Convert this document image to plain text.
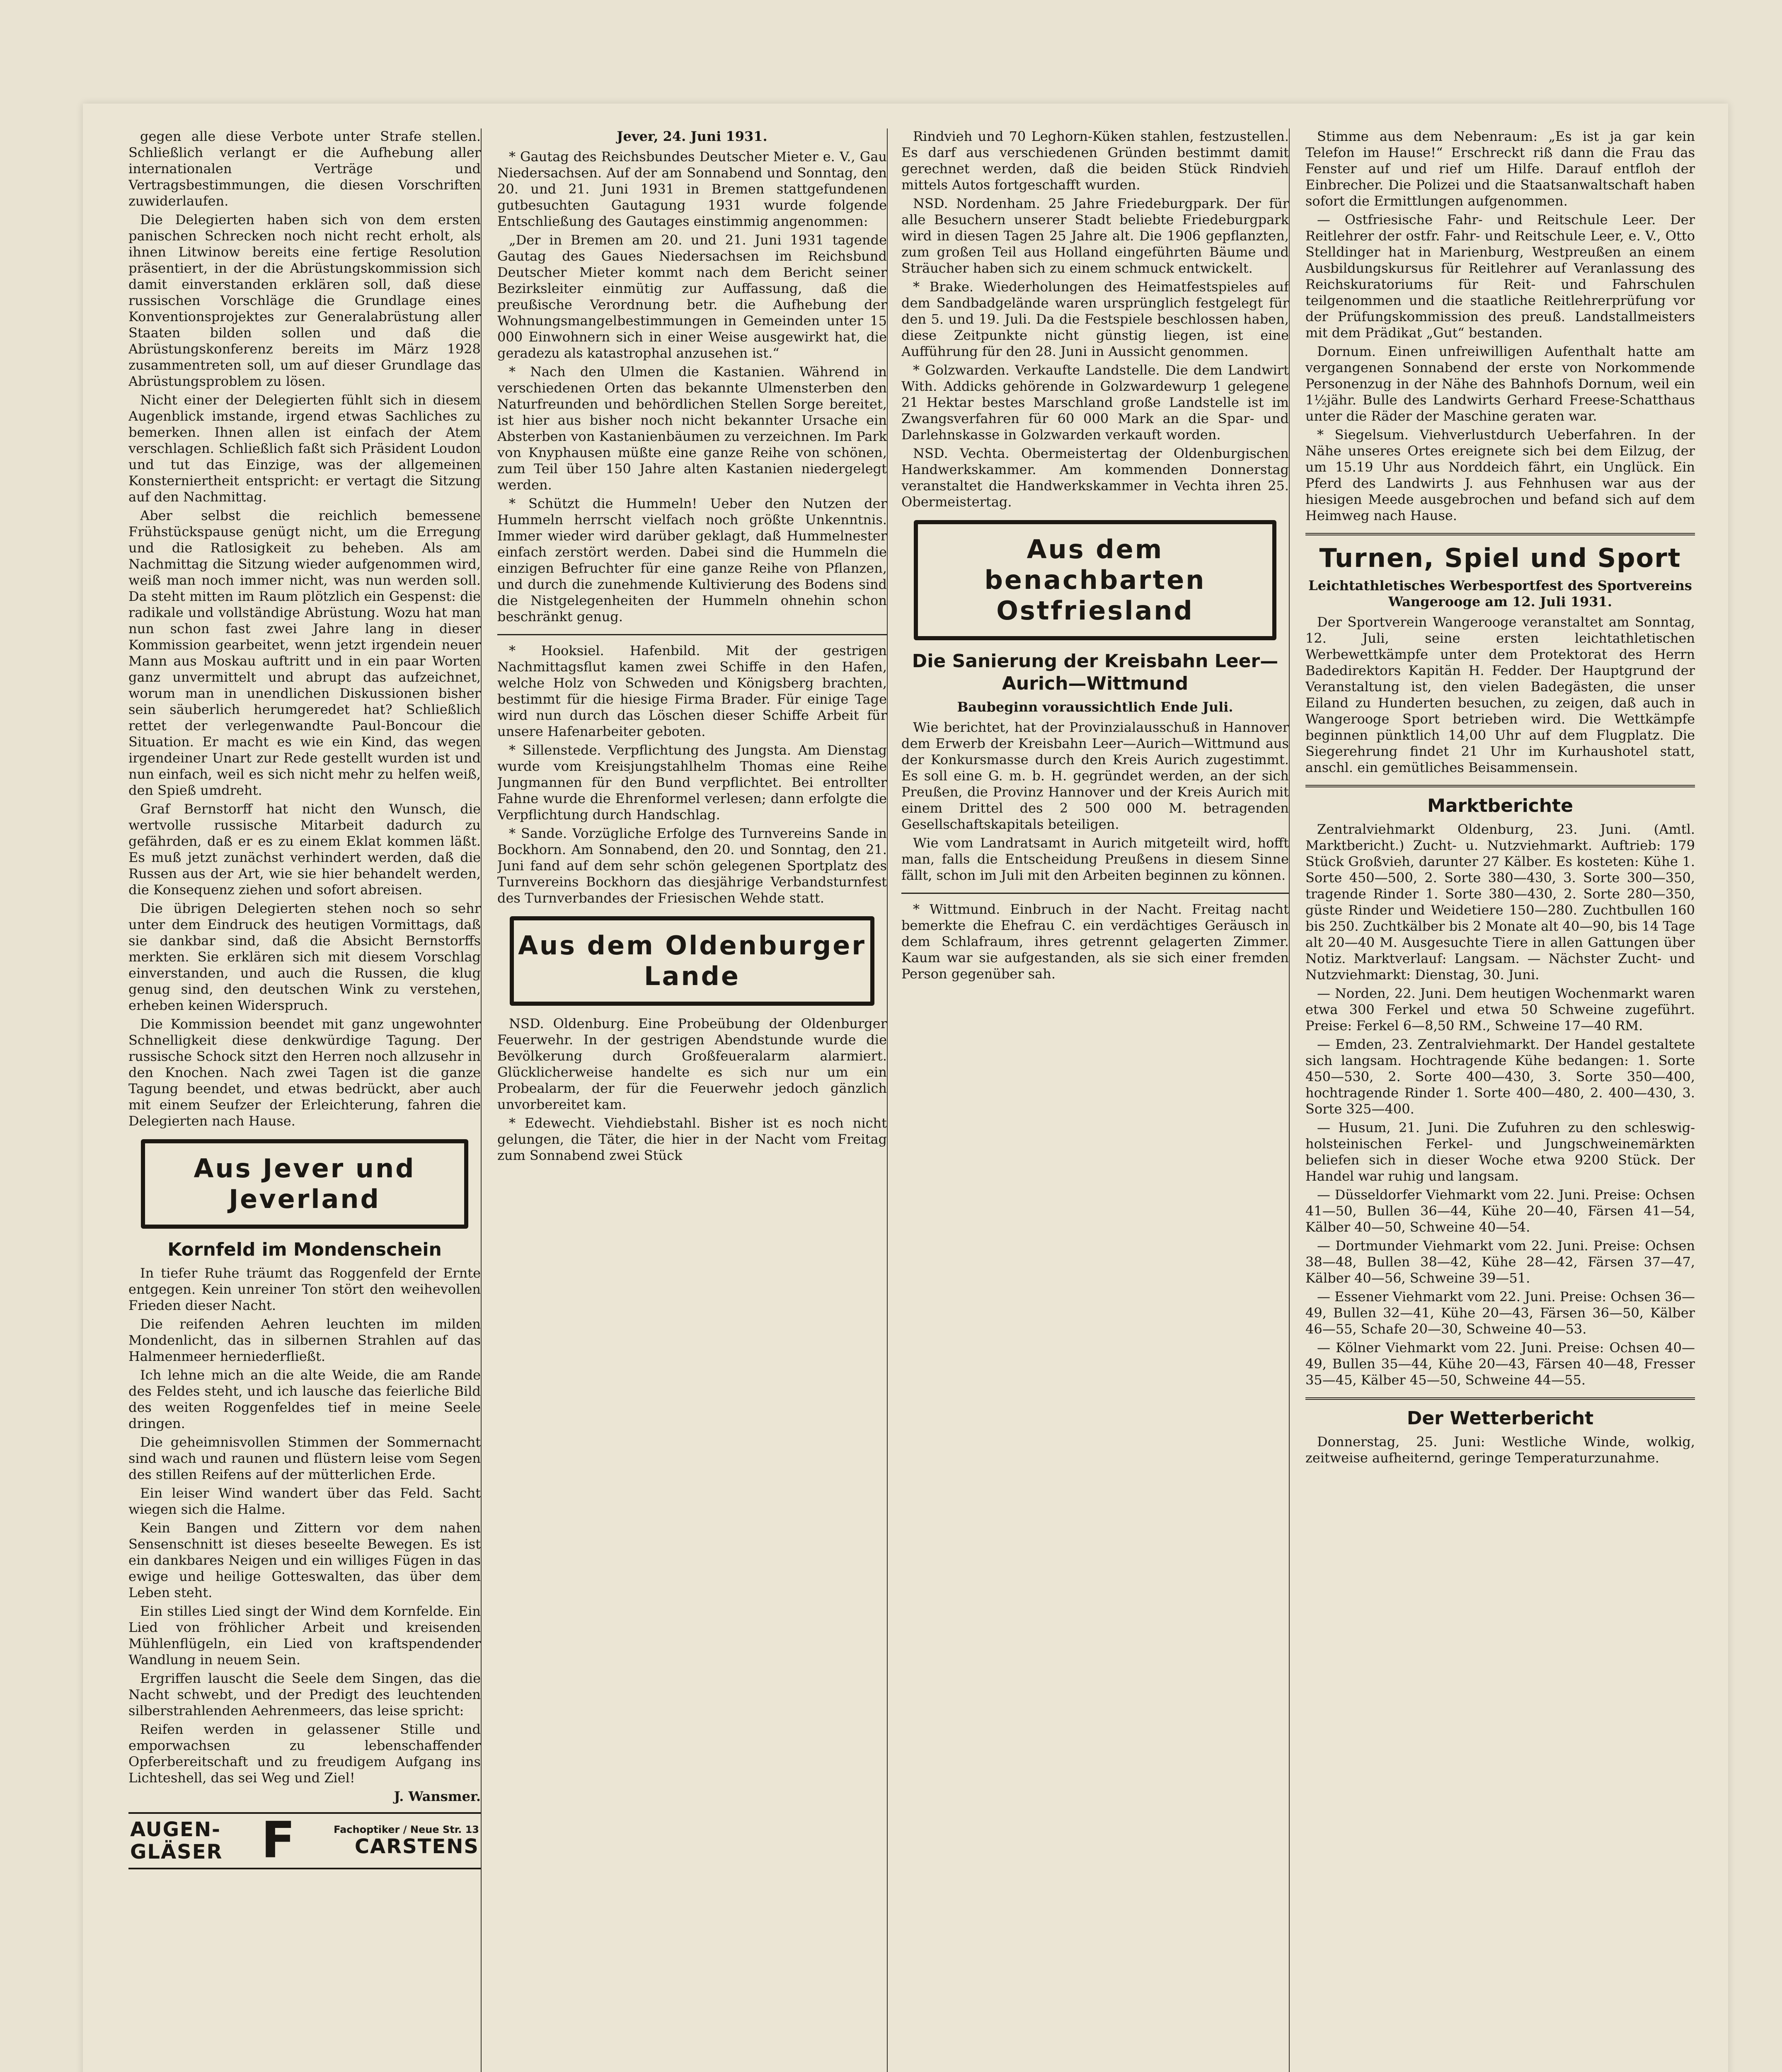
gegen alle diese Verbote unter Strafe stellen. Schließlich verlangt er die Aufhebung aller internationalen Verträge und Vertragsbestimmungen, die diesen Vorschriften zuwiderlaufen.

Die Delegierten haben sich von dem ersten panischen Schrecken noch nicht recht erholt, als ihnen Litwinow bereits eine fertige Resolution präsentiert, in der die Abrüstungskommission sich damit einverstanden erklären soll, daß diese russischen Vorschläge die Grundlage eines Konventionsprojektes zur Generalabrüstung aller Staaten bilden sollen und daß die Abrüstungskonferenz bereits im März 1928 zusammentreten soll, um auf dieser Grundlage das Abrüstungsproblem zu lösen.

Nicht einer der Delegierten fühlt sich in diesem Augenblick imstande, irgend etwas Sachliches zu bemerken. Ihnen allen ist einfach der Atem verschlagen. Schließlich faßt sich Präsident Loudon und tut das Einzige, was der allgemeinen Konsterniertheit entspricht: er vertagt die Sitzung auf den Nachmittag.

Aber selbst die reichlich bemessene Frühstückspause genügt nicht, um die Erregung und die Ratlosigkeit zu beheben. Als am Nachmittag die Sitzung wieder aufgenommen wird, weiß man noch immer nicht, was nun werden soll. Da steht mitten im Raum plötzlich ein Gespenst: die radikale und vollständige Abrüstung. Wozu hat man nun schon fast zwei Jahre lang in dieser Kommission gearbeitet, wenn jetzt irgendein neuer Mann aus Moskau auftritt und in ein paar Worten ganz unvermittelt und abrupt das aufzeichnet, worum man in unendlichen Diskussionen bisher sein säuberlich herumgeredet hat? Schließlich rettet der verlegenwandte Paul-Boncour die Situation. Er macht es wie ein Kind, das wegen irgendeiner Unart zur Rede gestellt wurden ist und nun einfach, weil es sich nicht mehr zu helfen weiß, den Spieß umdreht.

Graf Bernstorff hat nicht den Wunsch, die wertvolle russische Mitarbeit dadurch zu gefährden, daß er es zu einem Eklat kommen läßt. Es muß jetzt zunächst verhindert werden, daß die Russen aus der Art, wie sie hier behandelt werden, die Konsequenz ziehen und sofort abreisen.

Die übrigen Delegierten stehen noch so sehr unter dem Eindruck des heutigen Vormittags, daß sie dankbar sind, daß die Absicht Bernstorffs merkten. Sie erklären sich mit diesem Vorschlag einverstanden, und auch die Russen, die klug genug sind, den deutschen Wink zu verstehen, erheben keinen Widerspruch.

Die Kommission beendet mit ganz ungewohnter Schnelligkeit diese denkwürdige Tagung. Der russische Schock sitzt den Herren noch allzusehr in den Knochen. Nach zwei Tagen ist die ganze Tagung beendet, und etwas bedrückt, aber auch mit einem Seufzer der Erleichterung, fahren die Delegierten nach Hause.

Aus Jever und Jeverland
Kornfeld im Mondenschein

In tiefer Ruhe träumt das Roggenfeld der Ernte entgegen. Kein unreiner Ton stört den weihevollen Frieden dieser Nacht.

Die reifenden Aehren leuchten im milden Mondenlicht, das in silbernen Strahlen auf das Halmenmeer herniederfließt.

Ich lehne mich an die alte Weide, die am Rande des Feldes steht, und ich lausche das feierliche Bild des weiten Roggenfeldes tief in meine Seele dringen.

Die geheimnisvollen Stimmen der Sommernacht sind wach und raunen und flüstern leise vom Segen des stillen Reifens auf der mütterlichen Erde.

Ein leiser Wind wandert über das Feld. Sacht wiegen sich die Halme.

Kein Bangen und Zittern vor dem nahen Sensenschnitt ist dieses beseelte Bewegen. Es ist ein dankbares Neigen und ein williges Fügen in das ewige und heilige Gotteswalten, das über dem Leben steht.

Ein stilles Lied singt der Wind dem Kornfelde. Ein Lied von fröhlicher Arbeit und kreisenden Mühlenflügeln, ein Lied von kraftspendender Wandlung in neuem Sein.

Ergriffen lauscht die Seele dem Singen, das die Nacht schwebt, und der Predigt des leuchtenden silberstrahlenden Aehrenmeers, das leise spricht:

Reifen werden in gelassener Stille und emporwachsen zu lebenschaffender Opferbereitschaft und zu freudigem Aufgang ins Lichteshell, das sei Weg und Ziel!

J. Wansmer.
AUGEN-
GLÄSER F	Fachoptiker / Neue Str. 13
CARSTENS

Jever, 24. Juni 1931.

* Gautag des Reichsbundes Deutscher Mieter e. V., Gau Niedersachsen. Auf der am Sonnabend und Sonntag, den 20. und 21. Juni 1931 in Bremen stattgefundenen gutbesuchten Gautagung 1931 wurde folgende Entschließung des Gautages einstimmig angenommen:

„Der in Bremen am 20. und 21. Juni 1931 tagende Gautag des Gaues Niedersachsen im Reichsbund Deutscher Mieter kommt nach dem Bericht seiner Bezirksleiter einmütig zur Auffassung, daß die preußische Verordnung betr. die Aufhebung der Wohnungsmangelbestimmungen in Gemeinden unter 15 000 Einwohnern sich in einer Weise ausgewirkt hat, die geradezu als katastrophal anzusehen ist.“

* Nach den Ulmen die Kastanien. Während in verschiedenen Orten das bekannte Ulmensterben den Naturfreunden und behördlichen Stellen Sorge bereitet, ist hier aus bisher noch nicht bekannter Ursache ein Absterben von Kastanienbäumen zu verzeichnen. Im Park von Knyphausen müßte eine ganze Reihe von schönen, zum Teil über 150 Jahre alten Kastanien niedergelegt werden.

* Schützt die Hummeln! Ueber den Nutzen der Hummeln herrscht vielfach noch größte Unkenntnis. Immer wieder wird darüber geklagt, daß Hummelnester einfach zerstört werden. Dabei sind die Hummeln die einzigen Befruchter für eine ganze Reihe von Pflanzen, und durch die zunehmende Kultivierung des Bodens sind die Nistgelegenheiten der Hummeln ohnehin schon beschränkt genug.

* Hooksiel. Hafenbild. Mit der gestrigen Nachmittagsflut kamen zwei Schiffe in den Hafen, welche Holz von Schweden und Königsberg brachten, bestimmt für die hiesige Firma Brader. Für einige Tage wird nun durch das Löschen dieser Schiffe Arbeit für unsere Hafenarbeiter geboten.

* Sillenstede. Verpflichtung des Jungsta. Am Dienstag wurde vom Kreisjungstahlhelm Thomas eine Reihe Jungmannen für den Bund verpflichtet. Bei entrollter Fahne wurde die Ehrenformel verlesen; dann erfolgte die Verpflichtung durch Handschlag.

* Sande. Vorzügliche Erfolge des Turnvereins Sande in Bockhorn. Am Sonnabend, den 20. und Sonntag, den 21. Juni fand auf dem sehr schön gelegenen Sportplatz des Turnvereins Bockhorn das diesjährige Verbandsturnfest des Turnverbandes der Friesischen Wehde statt.

Aus dem Oldenburger Lande

NSD. Oldenburg. Eine Probeübung der Oldenburger Feuerwehr. In der gestrigen Abendstunde wurde die Bevölkerung durch Großfeueralarm alarmiert. Glücklicherweise handelte es sich nur um ein Probealarm, der für die Feuerwehr jedoch gänzlich unvorbereitet kam.

* Edewecht. Viehdiebstahl. Bisher ist es noch nicht gelungen, die Täter, die hier in der Nacht vom Freitag zum Sonnabend zwei Stück

Rindvieh und 70 Leghorn-Küken stahlen, festzustellen. Es darf aus verschiedenen Gründen bestimmt damit gerechnet werden, daß die beiden Stück Rindvieh mittels Autos fortgeschafft wurden.

NSD. Nordenham. 25 Jahre Friedeburgpark. Der für alle Besuchern unserer Stadt beliebte Friedeburgpark wird in diesen Tagen 25 Jahre alt. Die 1906 gepflanzten, zum großen Teil aus Holland eingeführten Bäume und Sträucher haben sich zu einem schmuck entwickelt.

* Brake. Wiederholungen des Heimatfestspieles auf dem Sandbadgelände waren ursprünglich festgelegt für den 5. und 19. Juli. Da die Festspiele beschlossen haben, diese Zeitpunkte nicht günstig liegen, ist eine Aufführung für den 28. Juni in Aussicht genommen.

* Golzwarden. Verkaufte Landstelle. Die dem Landwirt With. Addicks gehörende in Golzwardewurp 1 gelegene 21 Hektar bestes Marschland große Landstelle ist im Zwangsverfahren für 60 000 Mark an die Spar- und Darlehnskasse in Golzwarden verkauft worden.

NSD. Vechta. Obermeistertag der Oldenburgischen Handwerkskammer. Am kommenden Donnerstag veranstaltet die Handwerkskammer in Vechta ihren 25. Obermeistertag.

Aus dem benachbarten Ostfriesland
Die Sanierung der Kreisbahn Leer—Aurich—Wittmund

Baubeginn voraussichtlich Ende Juli.

Wie berichtet, hat der Provinzialausschuß in Hannover dem Erwerb der Kreisbahn Leer—Aurich—Wittmund aus der Konkursmasse durch den Kreis Aurich zugestimmt. Es soll eine G. m. b. H. gegründet werden, an der sich Preußen, die Provinz Hannover und der Kreis Aurich mit einem Drittel des 2 500 000 M. betragenden Gesellschaftskapitals beteiligen.

Wie vom Landratsamt in Aurich mitgeteilt wird, hofft man, falls die Entscheidung Preußens in diesem Sinne fällt, schon im Juli mit den Arbeiten beginnen zu können.

* Wittmund. Einbruch in der Nacht. Freitag nacht bemerkte die Ehefrau C. ein verdächtiges Geräusch in dem Schlafraum, ihres getrennt gelagerten Zimmer. Kaum war sie aufgestanden, als sie sich einer fremden Person gegenüber sah.

Stimme aus dem Nebenraum: „Es ist ja gar kein Telefon im Hause!“ Erschreckt riß dann die Frau das Fenster auf und rief um Hilfe. Darauf entfloh der Einbrecher. Die Polizei und die Staatsanwaltschaft haben sofort die Ermittlungen aufgenommen.

— Ostfriesische Fahr- und Reitschule Leer. Der Reitlehrer der ostfr. Fahr- und Reitschule Leer, e. V., Otto Stelldinger hat in Marienburg, Westpreußen an einem Ausbildungskursus für Reitlehrer auf Veranlassung des Reichskuratoriums für Reit- und Fahrschulen teilgenommen und die staatliche Reitlehrerprüfung vor der Prüfungskommission des preuß. Landstallmeisters mit dem Prädikat „Gut“ bestanden.

Dornum. Einen unfreiwilligen Aufenthalt hatte am vergangenen Sonnabend der erste von Norkommende Personenzug in der Nähe des Bahnhofs Dornum, weil ein 1½jähr. Bulle des Landwirts Gerhard Freese-Schatthaus unter die Räder der Maschine geraten war.

* Siegelsum. Viehverlustdurch Ueberfahren. In der Nähe unseres Ortes ereignete sich bei dem Eilzug, der um 15.19 Uhr aus Norddeich fährt, ein Unglück. Ein Pferd des Landwirts J. aus Fehnhusen war aus der hiesigen Meede ausgebrochen und befand sich auf dem Heimweg nach Hause.

Turnen, Spiel und Sport

Leichtathletisches Werbesportfest des Sportvereins Wangerooge am 12. Juli 1931.

Der Sportverein Wangerooge veranstaltet am Sonntag, 12. Juli, seine ersten leichtathletischen Werbewettkämpfe unter dem Protektorat des Herrn Badedirektors Kapitän H. Fedder. Der Hauptgrund der Veranstaltung ist, den vielen Badegästen, die unser Eiland zu Hunderten besuchen, zu zeigen, daß auch in Wangerooge Sport betrieben wird. Die Wettkämpfe beginnen pünktlich 14,00 Uhr auf dem Flugplatz. Die Siegerehrung findet 21 Uhr im Kurhaushotel statt, anschl. ein gemütliches Beisammensein.

Marktberichte

Zentralviehmarkt Oldenburg, 23. Juni. (Amtl. Marktbericht.) Zucht- u. Nutzviehmarkt. Auftrieb: 179 Stück Großvieh, darunter 27 Kälber. Es kosteten: Kühe 1. Sorte 450—500, 2. Sorte 380—430, 3. Sorte 300—350, tragende Rinder 1. Sorte 380—430, 2. Sorte 280—350, güste Rinder und Weidetiere 150—280. Zuchtbullen 160 bis 250. Zuchtkälber bis 2 Monate alt 40—90, bis 14 Tage alt 20—40 M. Ausgesuchte Tiere in allen Gattungen über Notiz. Marktverlauf: Langsam. — Nächster Zucht- und Nutzviehmarkt: Dienstag, 30. Juni.

— Norden, 22. Juni. Dem heutigen Wochenmarkt waren etwa 300 Ferkel und etwa 50 Schweine zugeführt. Preise: Ferkel 6—8,50 RM., Schweine 17—40 RM.

— Emden, 23. Zentralviehmarkt. Der Handel gestaltete sich langsam. Hochtragende Kühe bedangen: 1. Sorte 450—530, 2. Sorte 400—430, 3. Sorte 350—400, hochtragende Rinder 1. Sorte 400—480, 2. 400—430, 3. Sorte 325—400.

— Husum, 21. Juni. Die Zufuhren zu den schleswig-holsteinischen Ferkel- und Jungschweinemärkten beliefen sich in dieser Woche etwa 9200 Stück. Der Handel war ruhig und langsam.

— Düsseldorfer Viehmarkt vom 22. Juni. Preise: Ochsen 41—50, Bullen 36—44, Kühe 20—40, Färsen 41—54, Kälber 40—50, Schweine 40—54.

— Dortmunder Viehmarkt vom 22. Juni. Preise: Ochsen 38—48, Bullen 38—42, Kühe 28—42, Färsen 37—47, Kälber 40—56, Schweine 39—51.

— Essener Viehmarkt vom 22. Juni. Preise: Ochsen 36—49, Bullen 32—41, Kühe 20—43, Färsen 36—50, Kälber 46—55, Schafe 20—30, Schweine 40—53.

— Kölner Viehmarkt vom 22. Juni. Preise: Ochsen 40—49, Bullen 35—44, Kühe 20—43, Färsen 40—48, Fresser 35—45, Kälber 45—50, Schweine 44—55.

Der Wetterbericht

Donnerstag, 25. Juni: Westliche Winde, wolkig, zeitweise aufheiternd, geringe Temperaturzunahme.
